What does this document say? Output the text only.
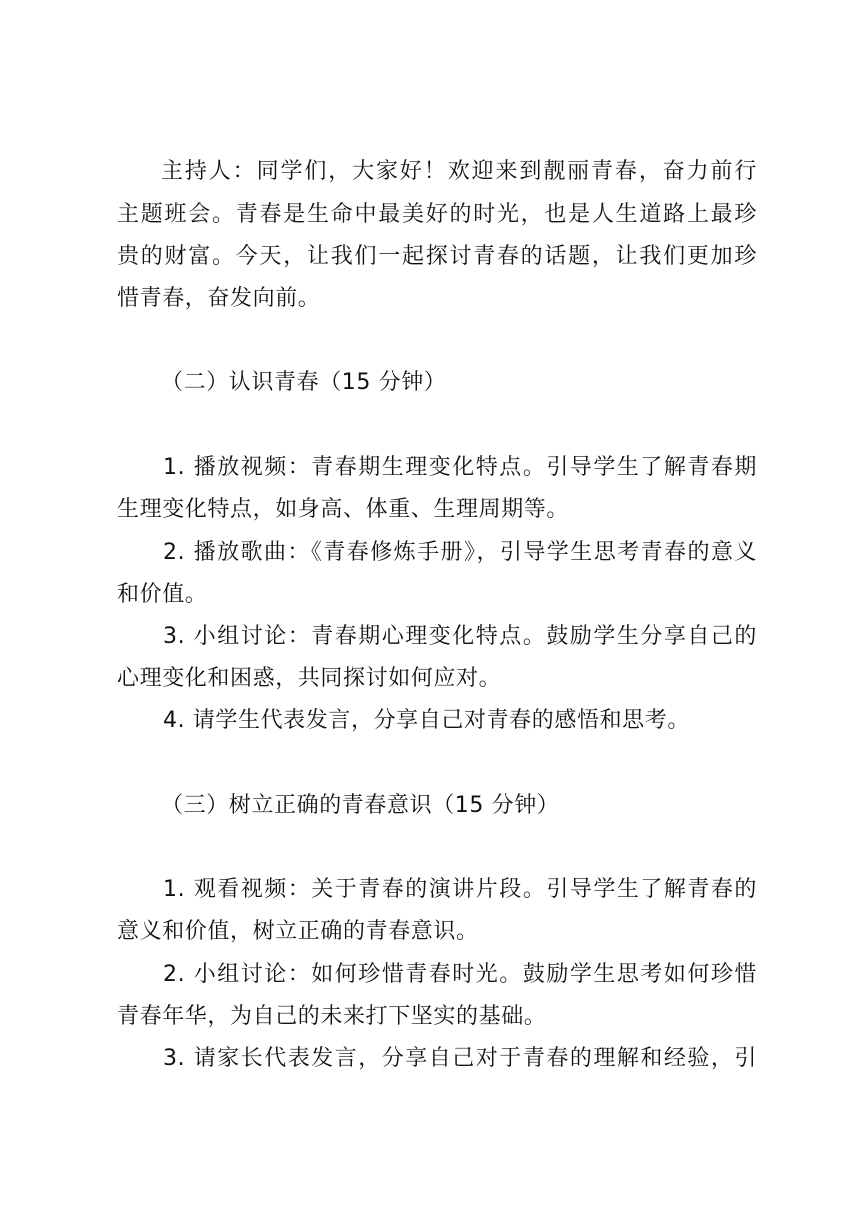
主持人：同学们，大家好！欢迎来到靓丽青春，奋力前行
主题班会。青春是生命中最美好的时光，也是人生道路上最珍
贵的财富。今天，让我们一起探讨青春的话题，让我们更加珍
惜青春，奋发向前。
（二）认识青春（15 分钟）
1. 播放视频：青春期生理变化特点。引导学生了解青春期
生理变化特点，如身高、体重、生理周期等。
2. 播放歌曲：《青春修炼手册》，引导学生思考青春的意义
和价值。
3. 小组讨论：青春期心理变化特点。鼓励学生分享自己的
心理变化和困惑，共同探讨如何应对。
4. 请学生代表发言，分享自己对青春的感悟和思考。
（三）树立正确的青春意识（15 分钟）
1. 观看视频：关于青春的演讲片段。引导学生了解青春的
意义和价值，树立正确的青春意识。
2. 小组讨论：如何珍惜青春时光。鼓励学生思考如何珍惜
青春年华，为自己的未来打下坚实的基础。
3. 请家长代表发言，分享自己对于青春的理解和经验，引
